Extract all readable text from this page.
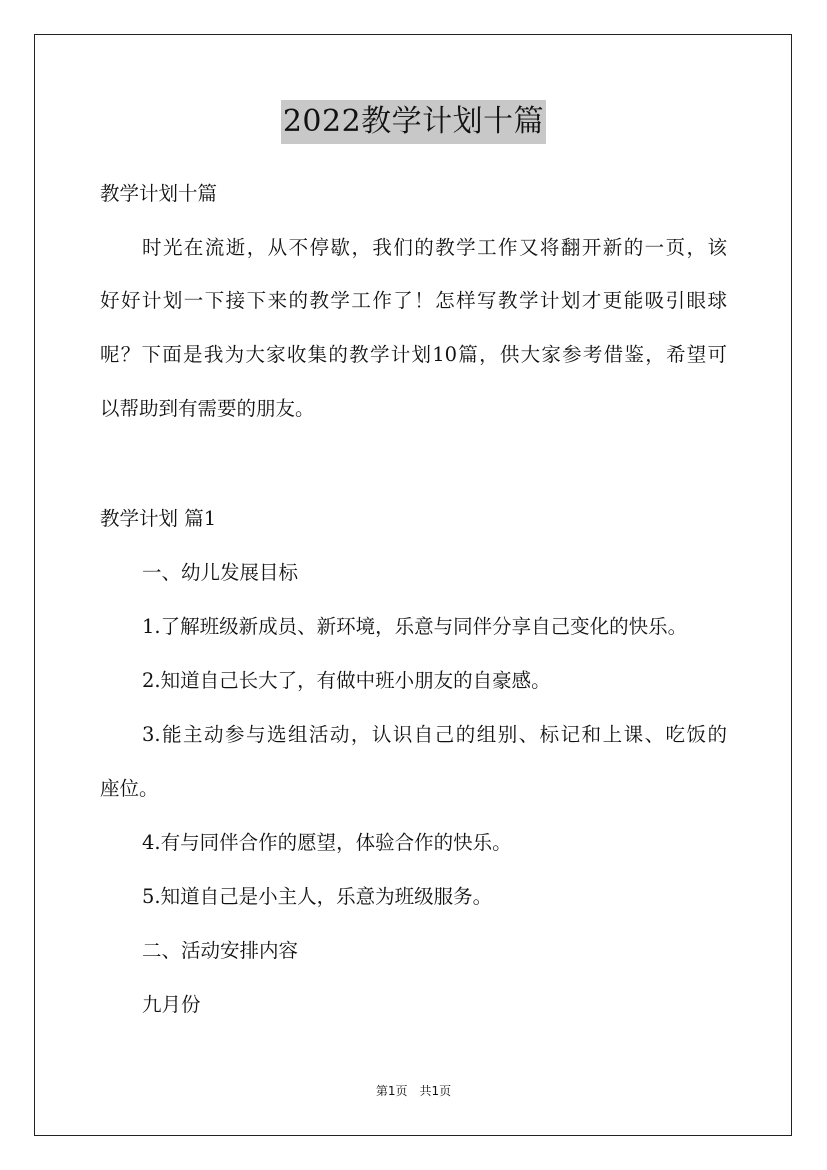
2022教学计划十篇
教学计划十篇
时光在流逝，从不停歇，我们的教学工作又将翻开新的一页，该
好好计划一下接下来的教学工作了！怎样写教学计划才更能吸引眼球
呢？下面是我为大家收集的教学计划10篇，供大家参考借鉴，希望可
以帮助到有需要的朋友。
教学计划 篇1
一、幼儿发展目标
1.了解班级新成员、新环境，乐意与同伴分享自己变化的快乐。
2.知道自己长大了，有做中班小朋友的自豪感。
3.能主动参与选组活动，认识自己的组别、标记和上课、吃饭的
座位。
4.有与同伴合作的愿望，体验合作的快乐。
5.知道自己是小主人，乐意为班级服务。
二、活动安排内容
九月份
第1页　共1页
